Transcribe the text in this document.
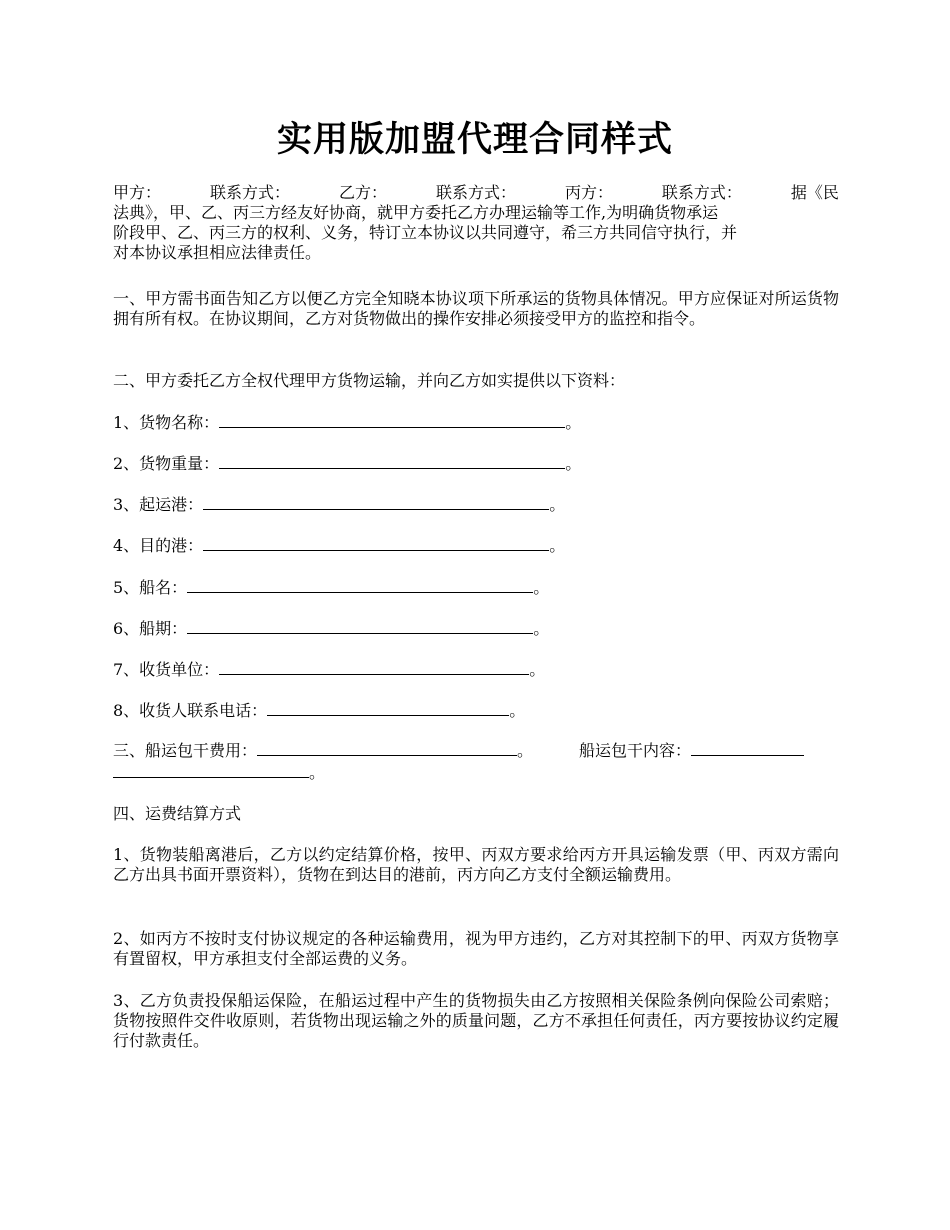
实用版加盟代理合同样式
甲方：	联系方式：	乙方：	联系方式：	丙方：	联系方式：	据《民
法典》，甲、乙、丙三方经友好协商，就甲方委托乙方办理运输等工作,为明确货物承运
阶段甲、乙、丙三方的权利、义务，特订立本协议以共同遵守，希三方共同信守执行，并
对本协议承担相应法律责任。

一、甲方需书面告知乙方以便乙方完全知晓本协议项下所承运的货物具体情况。甲方应保证对所运货物拥有所有权。在协议期间，乙方对货物做出的操作安排必须接受甲方的监控和指令。

二、甲方委托乙方全权代理甲方货物运输，并向乙方如实提供以下资料：

1、货物名称：	。
2、货物重量：	。
3、起运港：	。
4、目的港：	。
5、船名：	。
6、船期：	。
7、收货单位：	。
8、收货人联系电话：	。
三、船运包干费用：	。	船运包干内容：
。

四、运费结算方式

1、货物装船离港后，乙方以约定结算价格，按甲、丙双方要求给丙方开具运输发票（甲、丙双方需向乙方出具书面开票资料），货物在到达目的港前，丙方向乙方支付全额运输费用。

2、如丙方不按时支付协议规定的各种运输费用，视为甲方违约，乙方对其控制下的甲、丙双方货物享有置留权，甲方承担支付全部运费的义务。

3、乙方负责投保船运保险，在船运过程中产生的货物损失由乙方按照相关保险条例向保险公司索赔；货物按照件交件收原则，若货物出现运输之外的质量问题，乙方不承担任何责任，丙方要按协议约定履行付款责任。
